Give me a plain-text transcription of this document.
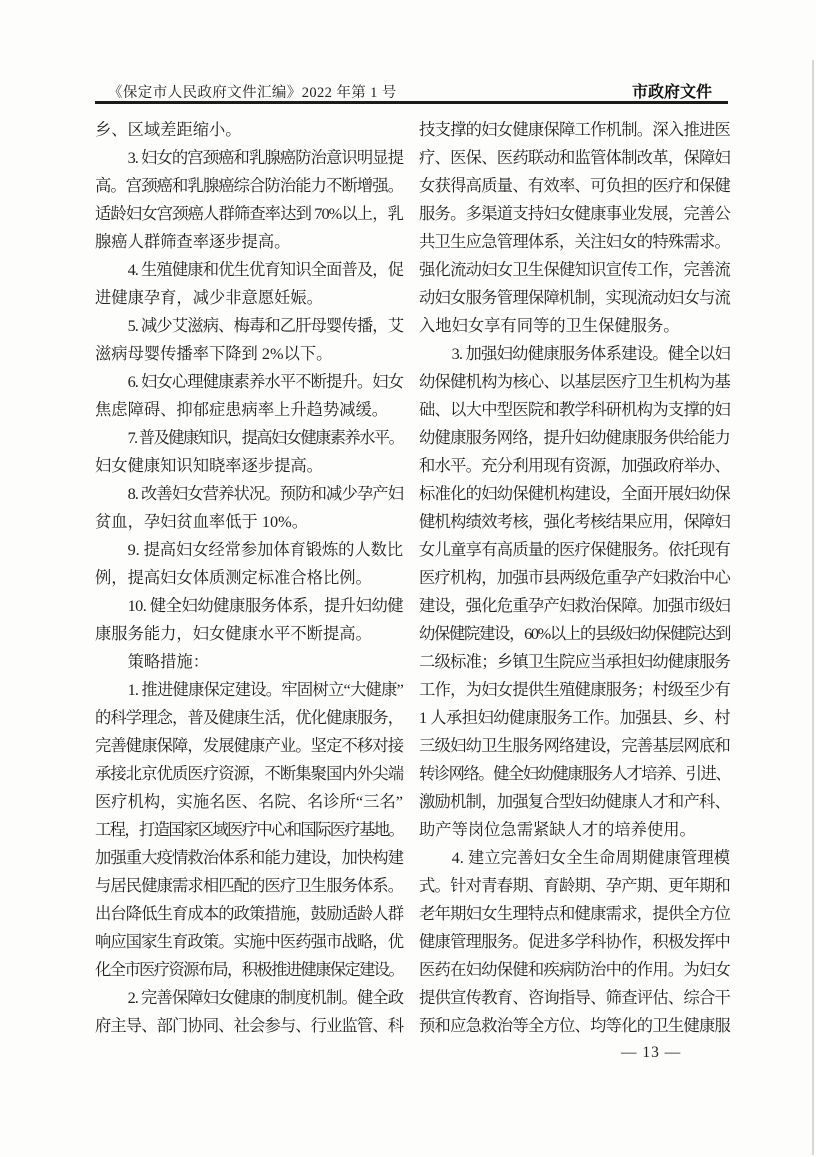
《保定市人民政府文件汇编》2022 年第 1 号	市政府文件
乡、区域差距缩小。
3. 妇女的宫颈癌和乳腺癌防治意识明显提
高。宫颈癌和乳腺癌综合防治能力不断增强。
适龄妇女宫颈癌人群筛查率达到 70%以上，乳
腺癌人群筛查率逐步提高。
4. 生殖健康和优生优育知识全面普及，促
进健康孕育，减少非意愿妊娠。
5. 减少艾滋病、梅毒和乙肝母婴传播，艾
滋病母婴传播率下降到 2%以下。
6. 妇女心理健康素养水平不断提升。妇女
焦虑障碍、抑郁症患病率上升趋势减缓。
7. 普及健康知识，提高妇女健康素养水平。
妇女健康知识知晓率逐步提高。
8. 改善妇女营养状况。预防和减少孕产妇
贫血，孕妇贫血率低于 10%。
9. 提高妇女经常参加体育锻炼的人数比
例，提高妇女体质测定标准合格比例。
10. 健全妇幼健康服务体系，提升妇幼健
康服务能力，妇女健康水平不断提高。
策略措施：
1. 推进健康保定建设。牢固树立“大健康”
的科学理念，普及健康生活，优化健康服务，
完善健康保障，发展健康产业。坚定不移对接
承接北京优质医疗资源，不断集聚国内外尖端
医疗机构，实施名医、名院、名诊所“三名”
工程，打造国家区域医疗中心和国际医疗基地。
加强重大疫情救治体系和能力建设，加快构建
与居民健康需求相匹配的医疗卫生服务体系。
出台降低生育成本的政策措施，鼓励适龄人群
响应国家生育政策。实施中医药强市战略，优
化全市医疗资源布局，积极推进健康保定建设。
2. 完善保障妇女健康的制度机制。健全政
府主导、部门协同、社会参与、行业监管、科
技支撑的妇女健康保障工作机制。深入推进医
疗、医保、医药联动和监管体制改革，保障妇
女获得高质量、有效率、可负担的医疗和保健
服务。多渠道支持妇女健康事业发展，完善公
共卫生应急管理体系，关注妇女的特殊需求。
强化流动妇女卫生保健知识宣传工作，完善流
动妇女服务管理保障机制，实现流动妇女与流
入地妇女享有同等的卫生保健服务。
3. 加强妇幼健康服务体系建设。健全以妇
幼保健机构为核心、以基层医疗卫生机构为基
础、以大中型医院和教学科研机构为支撑的妇
幼健康服务网络，提升妇幼健康服务供给能力
和水平。充分利用现有资源，加强政府举办、
标准化的妇幼保健机构建设，全面开展妇幼保
健机构绩效考核，强化考核结果应用，保障妇
女儿童享有高质量的医疗保健服务。依托现有
医疗机构，加强市县两级危重孕产妇救治中心
建设，强化危重孕产妇救治保障。加强市级妇
幼保健院建设，60%以上的县级妇幼保健院达到
二级标准；乡镇卫生院应当承担妇幼健康服务
工作，为妇女提供生殖健康服务；村级至少有
1 人承担妇幼健康服务工作。加强县、乡、村
三级妇幼卫生服务网络建设，完善基层网底和
转诊网络。健全妇幼健康服务人才培养、引进、
激励机制，加强复合型妇幼健康人才和产科、
助产等岗位急需紧缺人才的培养使用。
4. 建立完善妇女全生命周期健康管理模
式。针对青春期、育龄期、孕产期、更年期和
老年期妇女生理特点和健康需求，提供全方位
健康管理服务。促进多学科协作，积极发挥中
医药在妇幼保健和疾病防治中的作用。为妇女
提供宣传教育、咨询指导、筛查评估、综合干
预和应急救治等全方位、均等化的卫生健康服
— 13 —
